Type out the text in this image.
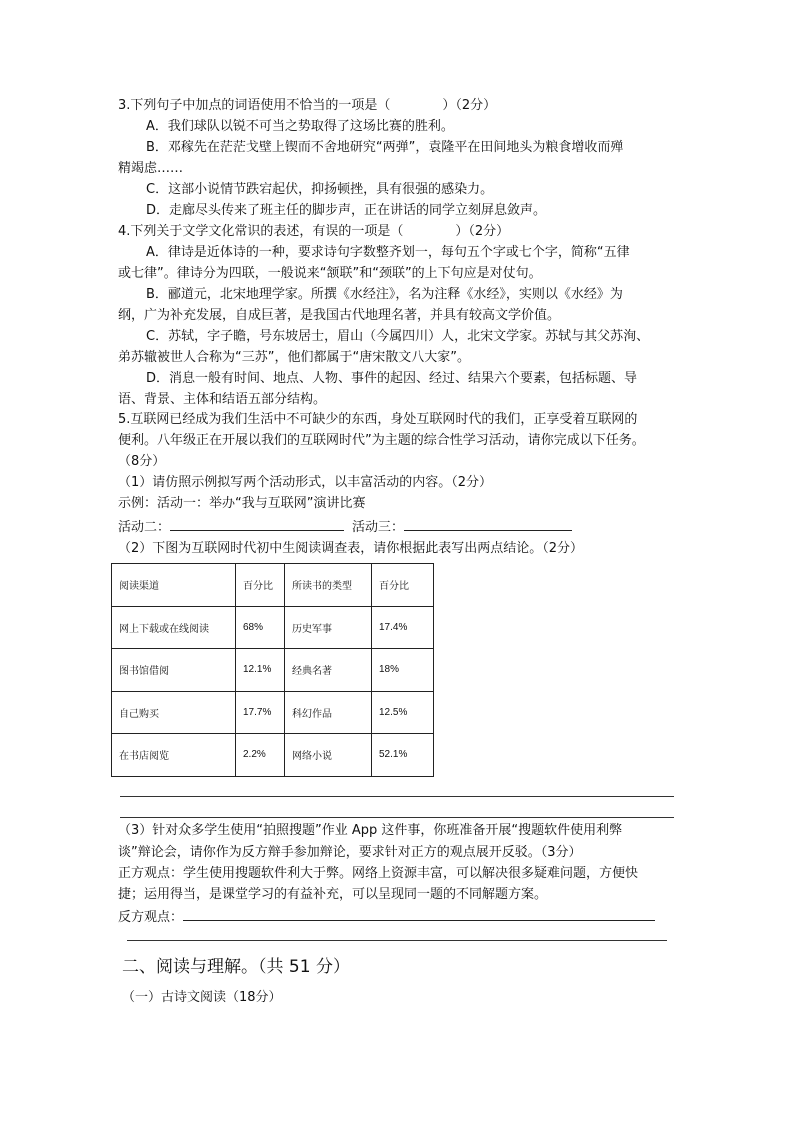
3.下列句子中加点的词语使用不恰当的一项是（　　　　）（2分）
A．我们球队以锐不可当之势取得了这场比赛的胜利。
B．邓稼先在茫茫戈壁上锲而不舍地研究“两弹”，袁隆平在田间地头为粮食增收而殚
精竭虑……
C．这部小说情节跌宕起伏，抑扬顿挫，具有很强的感染力。
D．走廊尽头传来了班主任的脚步声，正在讲话的同学立刻屏息敛声。
4.下列关于文学文化常识的表述，有误的一项是（　　　　）（2分）
A．律诗是近体诗的一种，要求诗句字数整齐划一，每句五个字或七个字，简称“五律
或七律”。律诗分为四联，一般说来“颔联”和“颈联”的上下句应是对仗句。
B．郦道元，北宋地理学家。所撰《水经注》，名为注释《水经》，实则以《水经》为
纲，广为补充发展，自成巨著，是我国古代地理名著，并具有较高文学价值。
C．苏轼，字子瞻，号东坡居士，眉山（今属四川）人，北宋文学家。苏轼与其父苏洵、
弟苏辙被世人合称为“三苏”，他们都属于“唐宋散文八大家”。
D．消息一般有时间、地点、人物、事件的起因、经过、结果六个要素，包括标题、导
语、背景、主体和结语五部分结构。
5.互联网已经成为我们生活中不可缺少的东西，身处互联网时代的我们，正享受着互联网的
便利。八年级正在开展以我们的互联网时代”为主题的综合性学习活动，请你完成以下任务。
（8分）
（1）请仿照示例拟写两个活动形式，以丰富活动的内容。（2分）
示例：活动一：举办“我与互联网”演讲比赛
活动二：	活动三：
（2）下图为互联网时代初中生阅读调查表，请你根据此表写出两点结论。（2分）
阅读渠道	百分比	所读书的类型	百分比
网上下载或在线阅读	68%	历史军事	17.4%
图书馆借阅	12.1%	经典名著	18%
自己购买	17.7%	科幻作品	12.5%
在书店阅览	2.2%	网络小说	52.1%
（3）针对众多学生使用“拍照搜题”作业 App 这件事，你班准备开展“搜题软件使用利弊
谈”辩论会，请你作为反方辩手参加辩论，要求针对正方的观点展开反驳。（3分）
正方观点：学生使用搜题软件利大于弊。网络上资源丰富，可以解决很多疑难问题，方便快
捷；运用得当，是课堂学习的有益补充，可以呈现同一题的不同解题方案。
反方观点：
二、阅读与理解。（共 51 分）
（一）古诗文阅读（18分）
